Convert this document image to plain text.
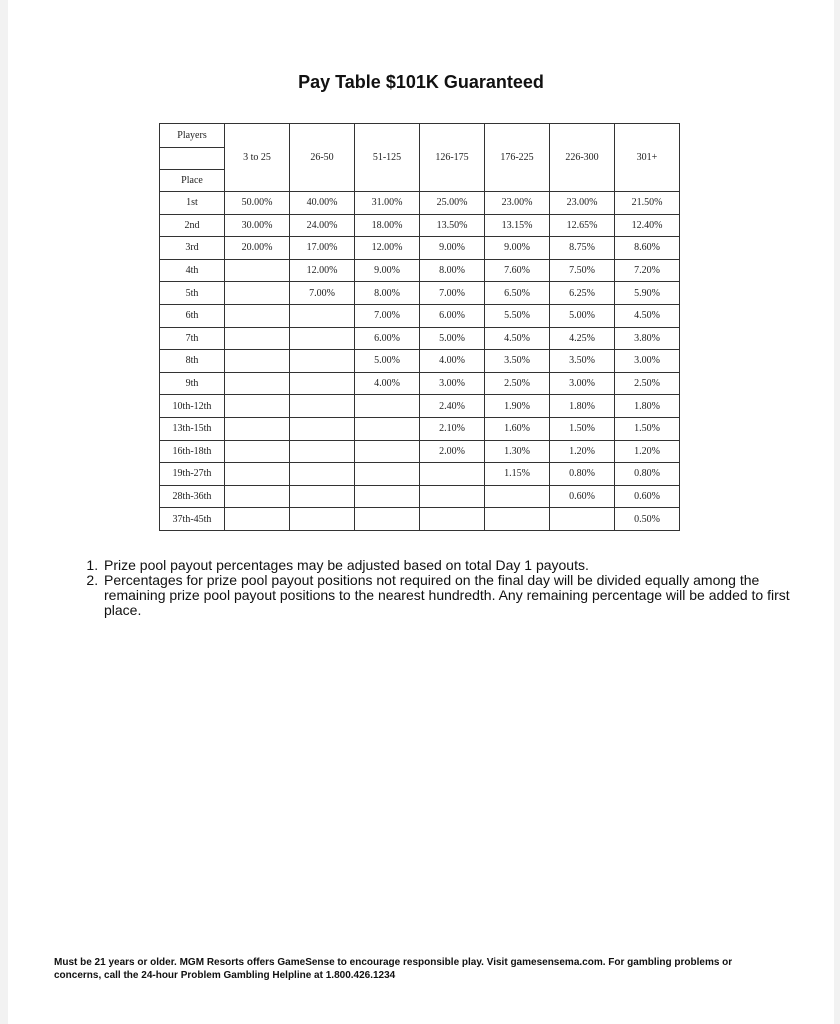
Pay Table $101K Guaranteed
Players	3 to 25	26-50	51-125	126-175	176-225	226-300	301+

Place							
1st	50.00%	40.00%	31.00%	25.00%	23.00%	23.00%	21.50%
2nd	30.00%	24.00%	18.00%	13.50%	13.15%	12.65%	12.40%
3rd	20.00%	17.00%	12.00%	9.00%	9.00%	8.75%	8.60%
4th		12.00%	9.00%	8.00%	7.60%	7.50%	7.20%
5th		7.00%	8.00%	7.00%	6.50%	6.25%	5.90%
6th			7.00%	6.00%	5.50%	5.00%	4.50%
7th			6.00%	5.00%	4.50%	4.25%	3.80%
8th			5.00%	4.00%	3.50%	3.50%	3.00%
9th			4.00%	3.00%	2.50%	3.00%	2.50%
10th-12th				2.40%	1.90%	1.80%	1.80%
13th-15th				2.10%	1.60%	1.50%	1.50%
16th-18th				2.00%	1.30%	1.20%	1.20%
19th-27th					1.15%	0.80%	0.80%
28th-36th						0.60%	0.60%
37th-45th							0.50%
1. Prize pool payout percentages may be adjusted based on total Day 1 payouts.
2. Percentages for prize pool payout positions not required on the final day will be divided equally among the remaining prize pool payout positions to the nearest hundredth. Any remaining percentage will be added to first place.
Must be 21 years or older. MGM Resorts offers GameSense to encourage responsible play. Visit gamesensema.com. For gambling problems or concerns, call the 24-hour Problem Gambling Helpline at 1.800.426.1234
